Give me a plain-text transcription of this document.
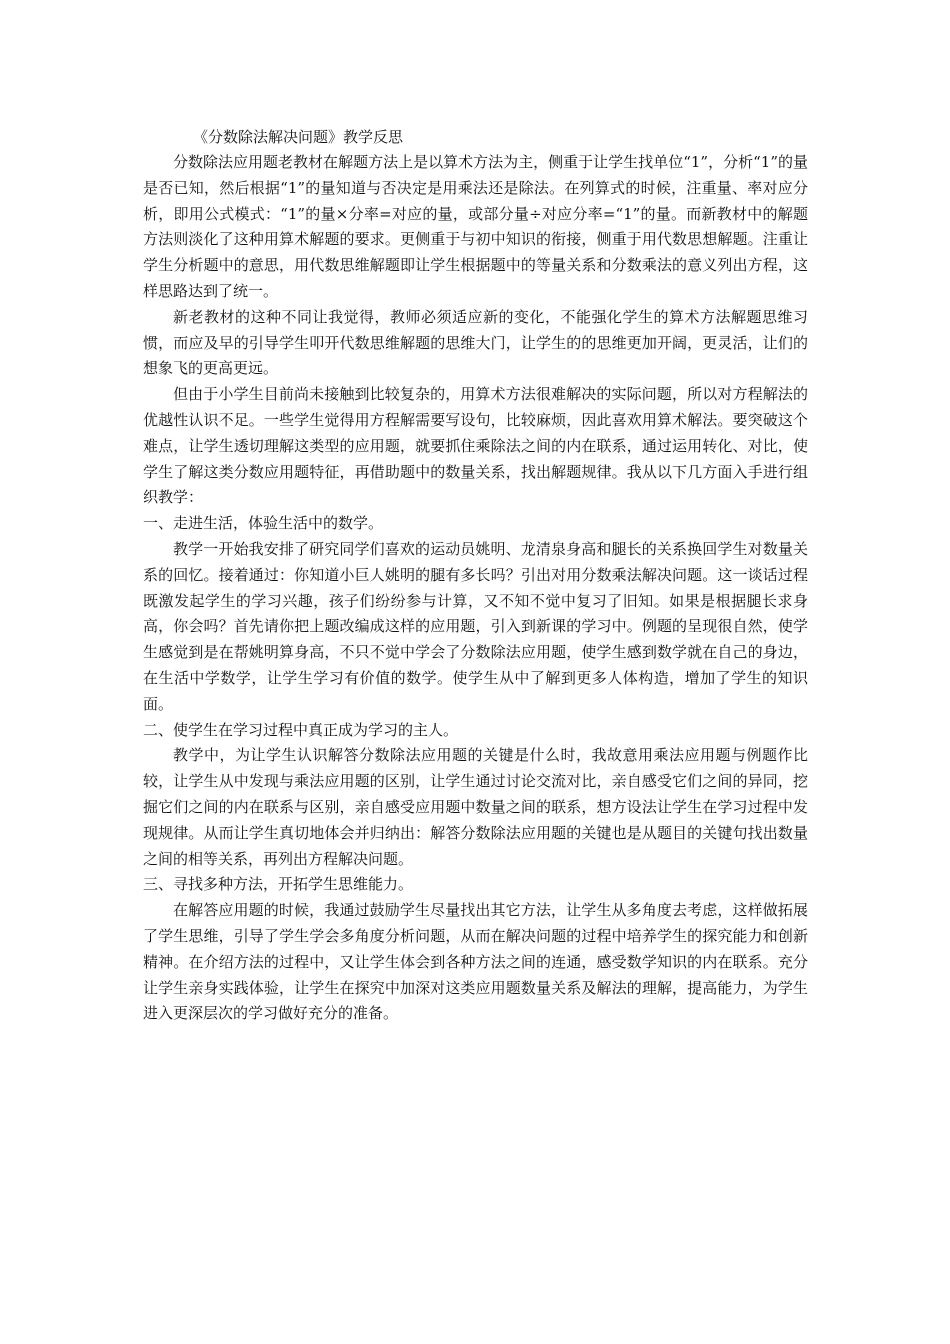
《分数除法解决问题》教学反思

分数除法应用题老教材在解题方法上是以算术方法为主，侧重于让学生找单位“1”，分析“1”的量是否已知，然后根据“1”的量知道与否决定是用乘法还是除法。在列算式的时候，注重量、率对应分析，即用公式模式：“1”的量×分率=对应的量，或部分量÷对应分率=“1”的量。而新教材中的解题方法则淡化了这种用算术解题的要求。更侧重于与初中知识的衔接，侧重于用代数思想解题。注重让学生分析题中的意思，用代数思维解题即让学生根据题中的等量关系和分数乘法的意义列出方程，这样思路达到了统一。

新老教材的这种不同让我觉得，教师必须适应新的变化，不能强化学生的算术方法解题思维习惯，而应及早的引导学生叩开代数思维解题的思维大门，让学生的的思维更加开阔，更灵活，让们的想象飞的更高更远。

但由于小学生目前尚未接触到比较复杂的，用算术方法很难解决的实际问题，所以对方程解法的优越性认识不足。一些学生觉得用方程解需要写设句，比较麻烦，因此喜欢用算术解法。要突破这个难点，让学生透切理解这类型的应用题，就要抓住乘除法之间的内在联系，通过运用转化、对比，使学生了解这类分数应用题特征，再借助题中的数量关系，找出解题规律。我从以下几方面入手进行组织教学：

一、走进生活，体验生活中的数学。

教学一开始我安排了研究同学们喜欢的运动员姚明、龙清泉身高和腿长的关系换回学生对数量关系的回忆。接着通过：你知道小巨人姚明的腿有多长吗？引出对用分数乘法解决问题。这一谈话过程既激发起学生的学习兴趣，孩子们纷纷参与计算，又不知不觉中复习了旧知。如果是根据腿长求身高，你会吗？首先请你把上题改编成这样的应用题，引入到新课的学习中。例题的呈现很自然，使学生感觉到是在帮姚明算身高，不只不觉中学会了分数除法应用题，使学生感到数学就在自己的身边，在生活中学数学，让学生学习有价值的数学。使学生从中了解到更多人体构造，增加了学生的知识面。

二、使学生在学习过程中真正成为学习的主人。

教学中，为让学生认识解答分数除法应用题的关键是什么时，我故意用乘法应用题与例题作比较，让学生从中发现与乘法应用题的区别，让学生通过讨论交流对比，亲自感受它们之间的异同，挖掘它们之间的内在联系与区别，亲自感受应用题中数量之间的联系，想方设法让学生在学习过程中发现规律。从而让学生真切地体会并归纳出：解答分数除法应用题的关键也是从题目的关键句找出数量之间的相等关系，再列出方程解决问题。

三、寻找多种方法，开拓学生思维能力。

在解答应用题的时候，我通过鼓励学生尽量找出其它方法，让学生从多角度去考虑，这样做拓展了学生思维，引导了学生学会多角度分析问题，从而在解决问题的过程中培养学生的探究能力和创新精神。在介绍方法的过程中，又让学生体会到各种方法之间的连通，感受数学知识的内在联系。充分让学生亲身实践体验，让学生在探究中加深对这类应用题数量关系及解法的理解，提高能力，为学生进入更深层次的学习做好充分的准备。
